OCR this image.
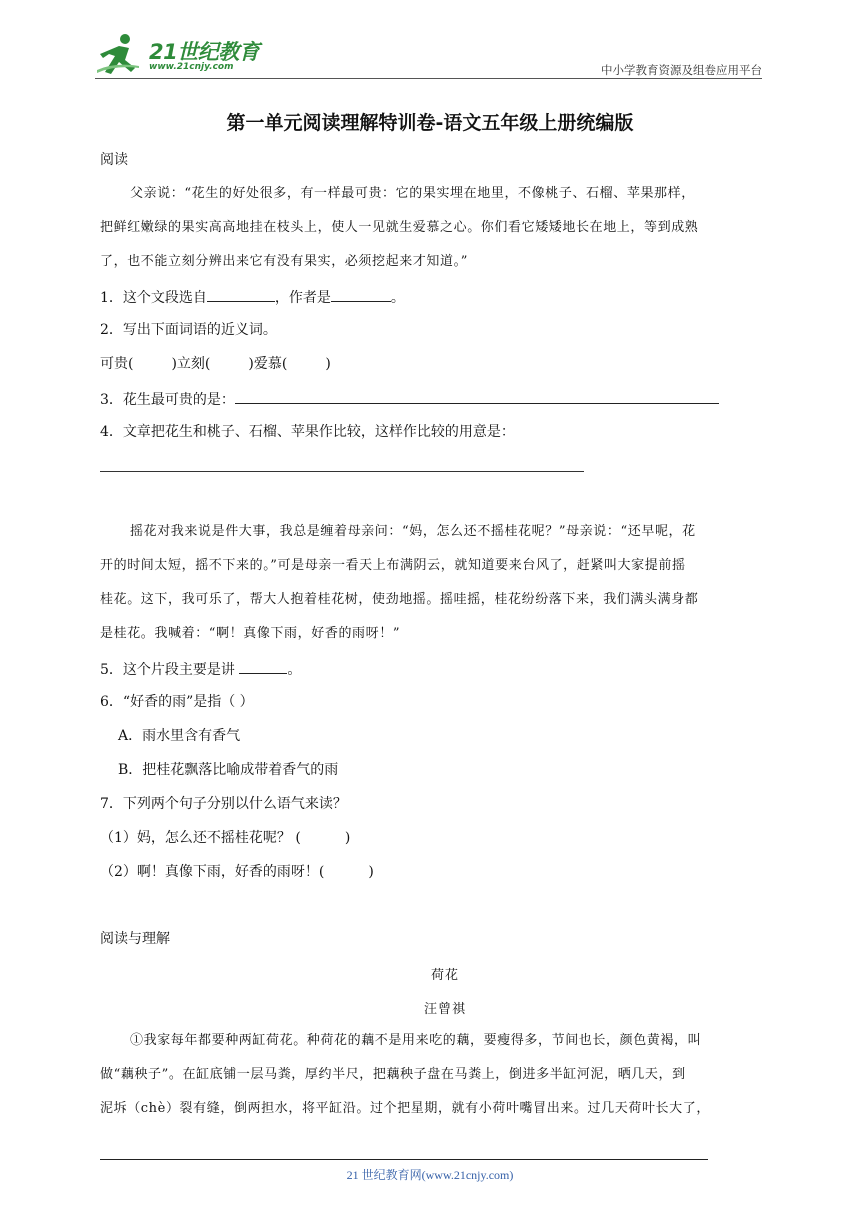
21世纪教育
www.21cnjy.com	中小学教育资源及组卷应用平台
第一单元阅读理解特训卷-语文五年级上册统编版
阅读
父亲说：“花生的好处很多，有一样最可贵：它的果实埋在地里，不像桃子、石榴、苹果那样，
把鲜红嫩绿的果实高高地挂在枝头上，使人一见就生爱慕之心。你们看它矮矮地长在地上，等到成熟
了，也不能立刻分辨出来它有没有果实，必须挖起来才知道。”
1．这个文段选自	，作者是	。
2．写出下面词语的近义词。
可贵(	)立刻(	)爱慕(	)
3．花生最可贵的是：
4．文章把花生和桃子、石榴、苹果作比较，这样作比较的用意是：
摇花对我来说是件大事，我总是缠着母亲问：“妈，怎么还不摇桂花呢？”母亲说：“还早呢，花
开的时间太短，摇不下来的。”可是母亲一看天上布满阴云，就知道要来台风了，赶紧叫大家提前摇
桂花。这下，我可乐了，帮大人抱着桂花树，使劲地摇。摇哇摇，桂花纷纷落下来，我们满头满身都
是桂花。我喊着：“啊！真像下雨，好香的雨呀！”
5．这个片段主要是讲	。
6．“好香的雨”是指（ ）
A．雨水里含有香气
B．把桂花飘落比喻成带着香气的雨
7．下列两个句子分别以什么语气来读？
（1）妈，怎么还不摇桂花呢？ (	)
（2）啊！真像下雨，好香的雨呀！(	)
阅读与理解
荷花
汪曾祺
①我家每年都要种两缸荷花。种荷花的藕不是用来吃的藕，要瘦得多，节间也长，颜色黄褐，叫
做“藕秧子”。在缸底铺一层马粪，厚约半尺，把藕秧子盘在马粪上，倒进多半缸河泥，晒几天，到
泥坼（chè）裂有缝，倒两担水，将平缸沿。过个把星期，就有小荷叶嘴冒出来。过几天荷叶长大了，
21 世纪教育网(www.21cnjy.com)
